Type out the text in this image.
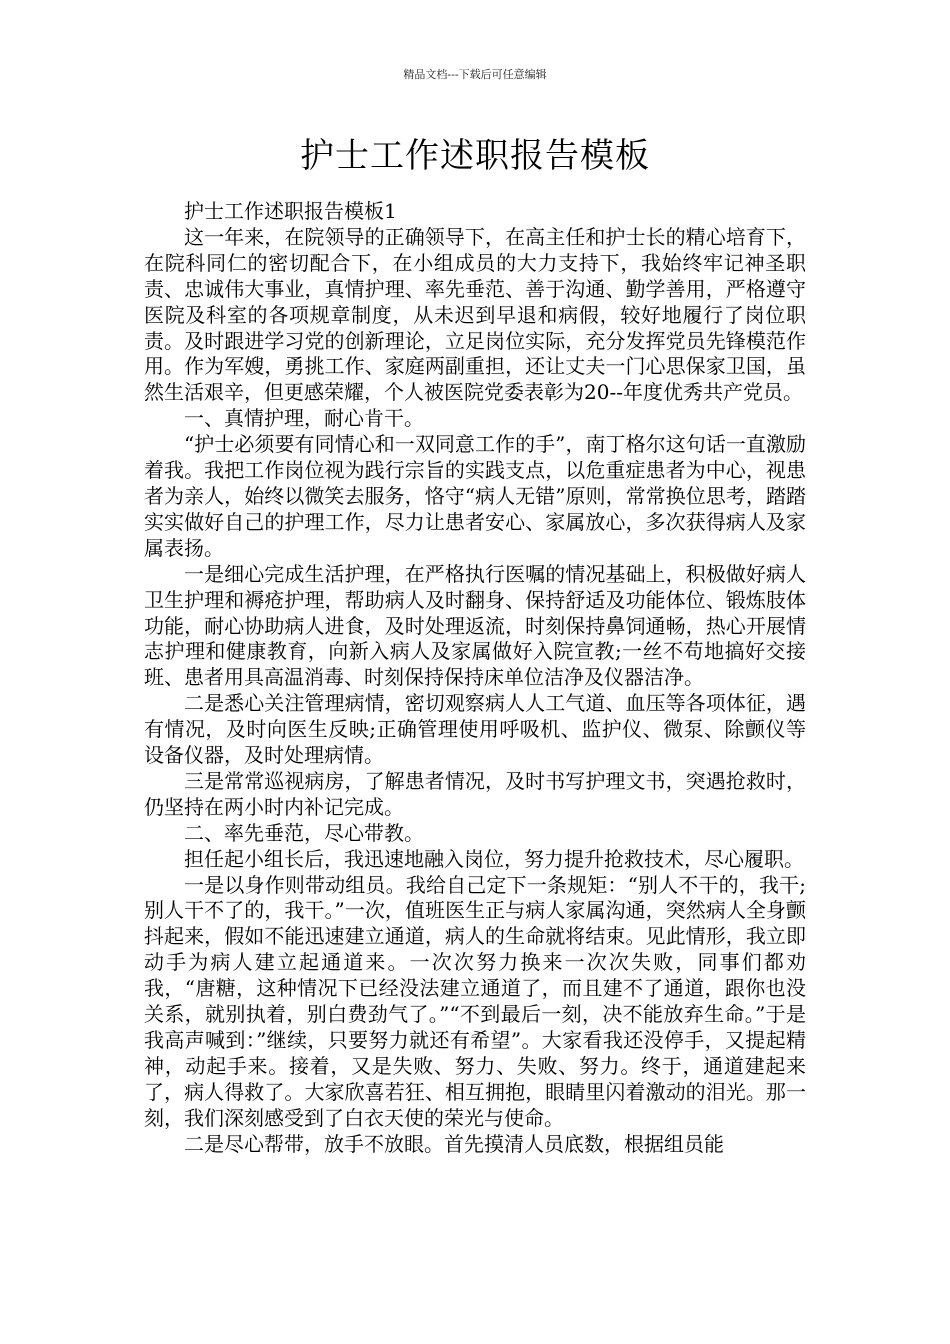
精品文档---下载后可任意编辑
护士工作述职报告模板

护士工作述职报告模板1

这一年来，在院领导的正确领导下，在高主任和护士长的精心培育下，在院科同仁的密切配合下，在小组成员的大力支持下，我始终牢记神圣职责、忠诚伟大事业，真情护理、率先垂范、善于沟通、勤学善用，严格遵守医院及科室的各项规章制度，从未迟到早退和病假，较好地履行了岗位职责。及时跟进学习党的创新理论，立足岗位实际，充分发挥党员先锋模范作用。作为军嫂，勇挑工作、家庭两副重担，还让丈夫一门心思保家卫国，虽然生活艰辛，但更感荣耀，个人被医院党委表彰为20--年度优秀共产党员。

一、真情护理，耐心肯干。

“护士必须要有同情心和一双同意工作的手”，南丁格尔这句话一直激励着我。我把工作岗位视为践行宗旨的实践支点，以危重症患者为中心，视患者为亲人，始终以微笑去服务，恪守“病人无错”原则，常常换位思考，踏踏实实做好自己的护理工作，尽力让患者安心、家属放心，多次获得病人及家属表扬。

一是细心完成生活护理，在严格执行医嘱的情况基础上，积极做好病人卫生护理和褥疮护理，帮助病人及时翻身、保持舒适及功能体位、锻炼肢体功能，耐心协助病人进食，及时处理返流，时刻保持鼻饲通畅，热心开展情志护理和健康教育，向新入病人及家属做好入院宣教;一丝不苟地搞好交接班、患者用具高温消毒、时刻保持保持床单位洁净及仪器洁净。

二是悉心关注管理病情，密切观察病人人工气道、血压等各项体征，遇有情况，及时向医生反映;正确管理使用呼吸机、监护仪、微泵、除颤仪等设备仪器，及时处理病情。

三是常常巡视病房，了解患者情况，及时书写护理文书，突遇抢救时，仍坚持在两小时内补记完成。

二、率先垂范，尽心带教。

担任起小组长后，我迅速地融入岗位，努力提升抢救技术，尽心履职。

一是以身作则带动组员。我给自己定下一条规矩：“别人不干的，我干;别人干不了的，我干。”一次，值班医生正与病人家属沟通，突然病人全身颤抖起来，假如不能迅速建立通道，病人的生命就将结束。见此情形，我立即动手为病人建立起通道来。一次次努力换来一次次失败，同事们都劝我，“唐糖，这种情况下已经没法建立通道了，而且建不了通道，跟你也没关系，就别执着，别白费劲气了。”“不到最后一刻，决不能放弃生命。”于是我高声喊到：”继续，只要努力就还有希望”。大家看我还没停手，又提起精神，动起手来。接着，又是失败、努力、失败、努力。终于，通道建起来了，病人得救了。大家欣喜若狂、相互拥抱，眼睛里闪着激动的泪光。那一刻，我们深刻感受到了白衣天使的荣光与使命。

二是尽心帮带，放手不放眼。首先摸清人员底数，根据组员能
